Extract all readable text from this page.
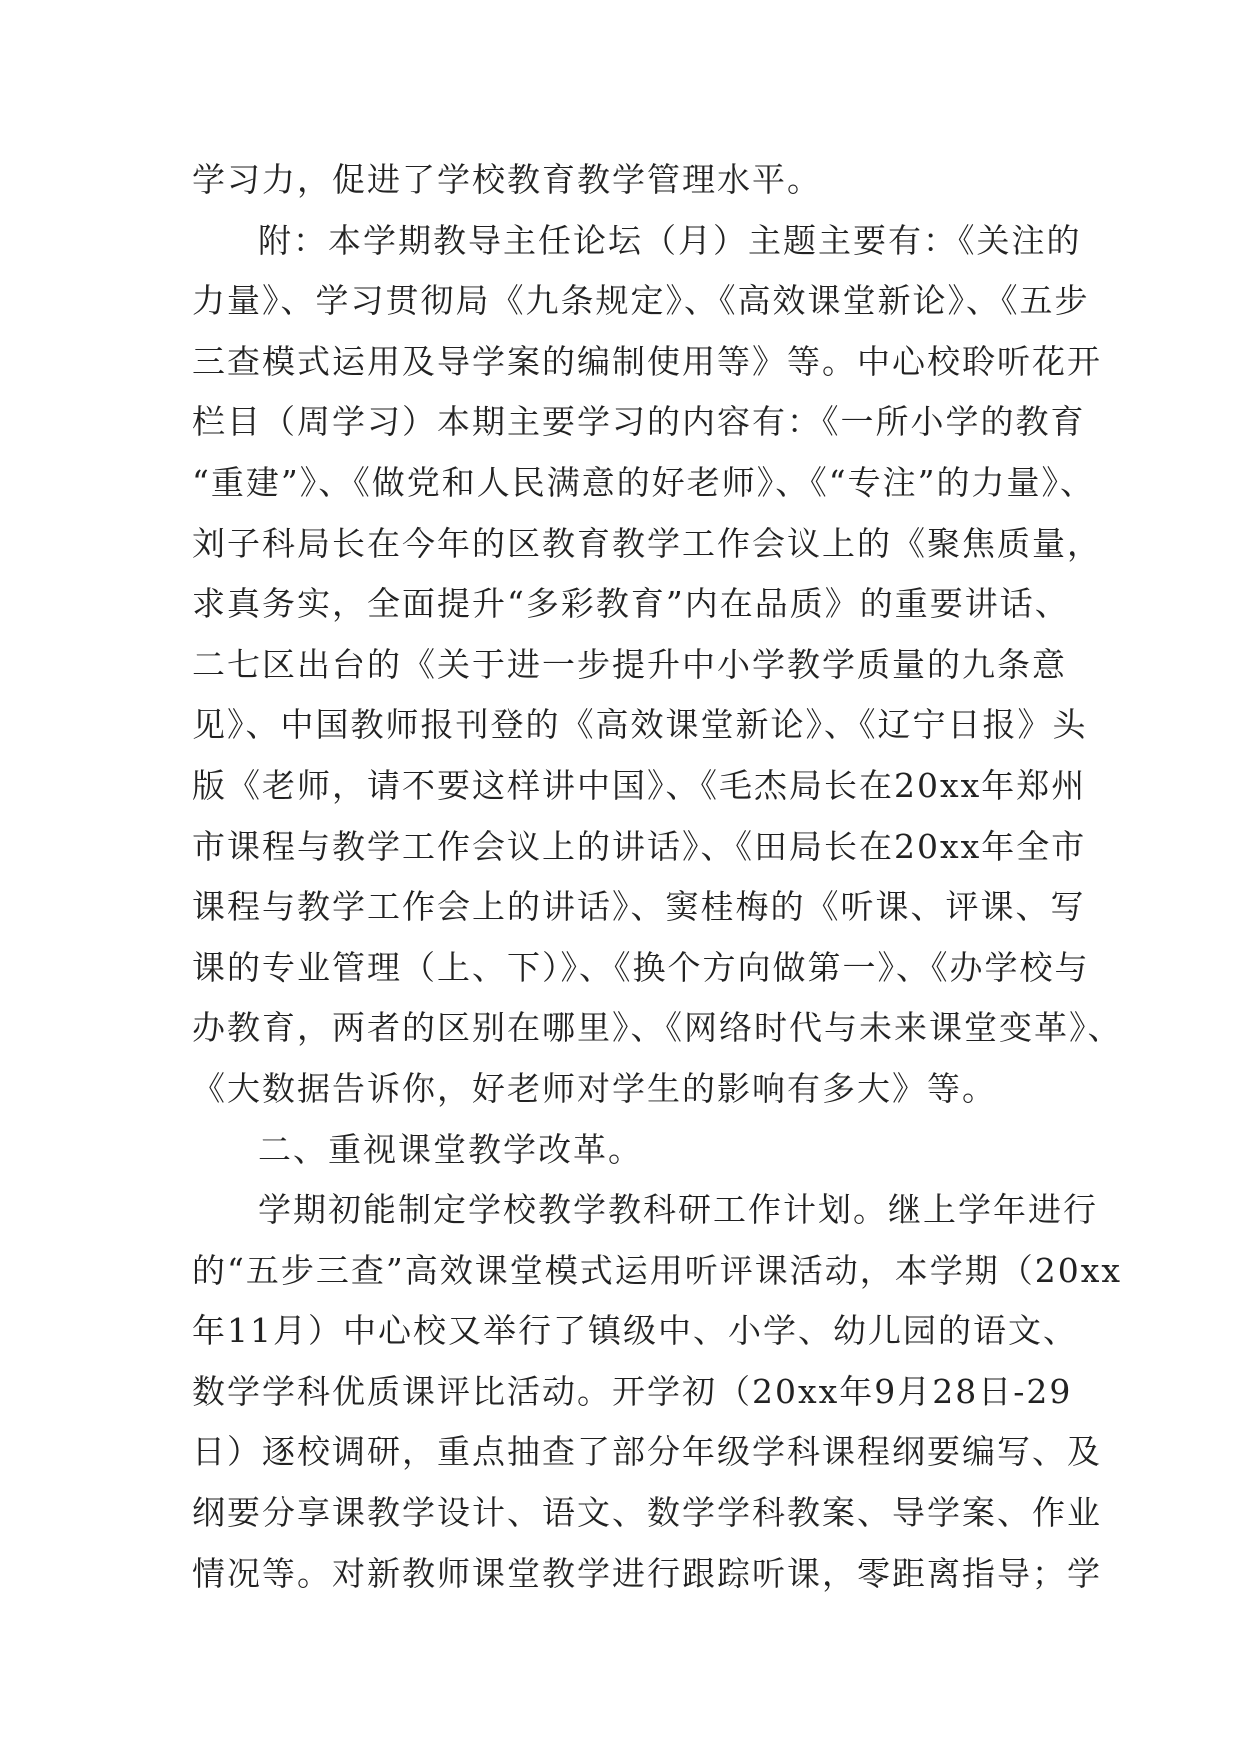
学习力，促进了学校教育教学管理水平。
附：本学期教导主任论坛（月）主题主要有：《关注的
力量》、学习贯彻局《九条规定》、《高效课堂新论》、《五步
三查模式运用及导学案的编制使用等》等。中心校聆听花开
栏目（周学习）本期主要学习的内容有：《一所小学的教育
“重建”》、《做党和人民满意的好老师》、《“专注”的力量》、
刘子科局长在今年的区教育教学工作会议上的《聚焦质量，
求真务实，全面提升“多彩教育”内在品质》的重要讲话、
二七区出台的《关于进一步提升中小学教学质量的九条意
见》、中国教师报刊登的《高效课堂新论》、《辽宁日报》头
版《老师，请不要这样讲中国》、《毛杰局长在20xx年郑州
市课程与教学工作会议上的讲话》、《田局长在20xx年全市
课程与教学工作会上的讲话》、窦桂梅的《听课、评课、写
课的专业管理（上、下）》、《换个方向做第一》、《办学校与
办教育，两者的区别在哪里》、《网络时代与未来课堂变革》、
《大数据告诉你，好老师对学生的影响有多大》等。
二、重视课堂教学改革。
学期初能制定学校教学教科研工作计划。继上学年进行
的“五步三查”高效课堂模式运用听评课活动，本学期（20xx
年11月）中心校又举行了镇级中、小学、幼儿园的语文、
数学学科优质课评比活动。开学初（20xx年9月28日-29
日）逐校调研，重点抽查了部分年级学科课程纲要编写、及
纲要分享课教学设计、语文、数学学科教案、导学案、作业
情况等。对新教师课堂教学进行跟踪听课，零距离指导；学
